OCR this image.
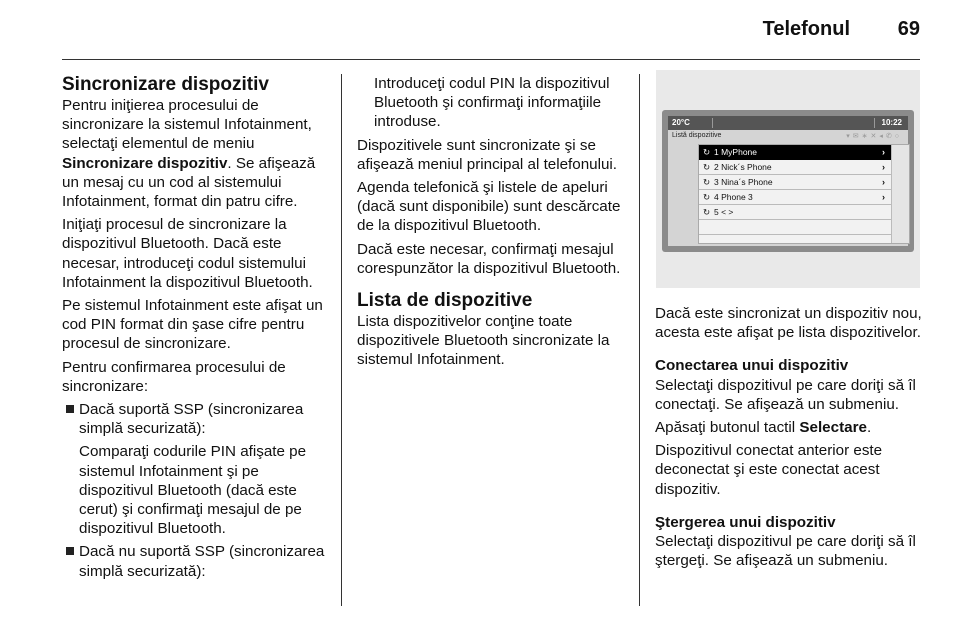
Telefonul 69
Sincronizare dispozitiv

Pentru iniţierea procesului de sincronizare la sistemul Infotainment, selectaţi elementul de meniu Sincronizare dispozitiv. Se afişează un mesaj cu un cod al sistemului Infotainment, format din patru cifre.

Iniţiaţi procesul de sincronizare la dispozitivul Bluetooth. Dacă este necesar, introduceţi codul sistemului Infotainment la dispozitivul Bluetooth.

Pe sistemul Infotainment este afişat un cod PIN format din şase cifre pentru procesul de sincronizare.

Pentru confirmarea procesului de sincronizare:

Dacă suportă SSP (sincronizarea simplă securizată):
Comparaţi codurile PIN afişate pe sistemul Infotainment şi pe dispozitivul Bluetooth (dacă este cerut) şi confirmaţi mesajul de pe dispozitivul Bluetooth.
Dacă nu suportă SSP (sincronizarea simplă securizată):

Introduceţi codul PIN la dispozitivul Bluetooth şi confirmaţi informaţiile introduse.

Dispozitivele sunt sincronizate şi se afişează meniul principal al telefonului.

Agenda telefonică şi listele de apeluri (dacă sunt disponibile) sunt descărcate de la dispozitivul Bluetooth.

Dacă este necesar, confirmaţi mesajul corespunzător la dispozitivul Bluetooth.

Lista de dispozitive

Lista dispozitivelor conţine toate dispozitivele Bluetooth sincronizate la sistemul Infotainment.

20°C	10:22
Listă dispozitive	▾✉∗✕◂✆○
↻ 1 MyPhone	›
↻ 2 Nick´s Phone	›
↻ 3 Nina´s Phone	›
↻ 4 Phone 3	›
↻ 5 < >

Dacă este sincronizat un dispozitiv nou, acesta este afişat pe lista dispozitivelor.

Conectarea unui dispozitiv

Selectaţi dispozitivul pe care doriţi să îl conectaţi. Se afişează un submeniu.

Apăsaţi butonul tactil Selectare.

Dispozitivul conectat anterior este deconectat şi este conectat acest dispozitiv.

Ştergerea unui dispozitiv

Selectaţi dispozitivul pe care doriţi să îl ştergeţi. Se afişează un submeniu.
